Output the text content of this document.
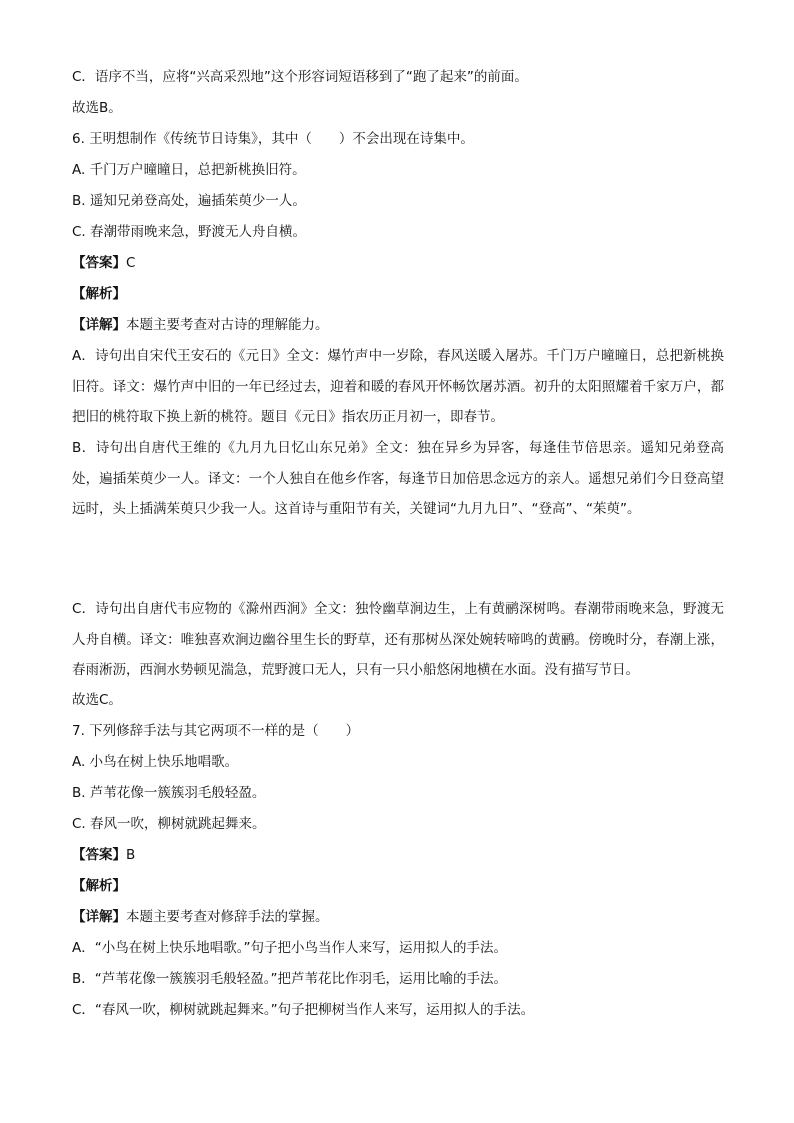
C．语序不当，应将“兴高采烈地”这个形容词短语移到了“跑了起来”的前面。
故选B。
6. 王明想制作《传统节日诗集》，其中（　　）不会出现在诗集中。
A. 千门万户曈曈日，总把新桃换旧符。
B. 遥知兄弟登高处，遍插茱萸少一人。
C. 春潮带雨晚来急，野渡无人舟自横。
【答案】C
【解析】
【详解】本题主要考查对古诗的理解能力。
A．诗句出自宋代王安石的《元日》全文：爆竹声中一岁除，春风送暖入屠苏。千门万户曈曈日，总把新桃换旧符。译文：爆竹声中旧的一年已经过去，迎着和暖的春风开怀畅饮屠苏酒。初升的太阳照耀着千家万户，都把旧的桃符取下换上新的桃符。题目《元日》指农历正月初一，即春节。
B．诗句出自唐代王维的《九月九日忆山东兄弟》全文：独在异乡为异客，每逢佳节倍思亲。遥知兄弟登高处，遍插茱萸少一人。译文：一个人独自在他乡作客，每逢节日加倍思念远方的亲人。遥想兄弟们今日登高望远时，头上插满茱萸只少我一人。这首诗与重阳节有关，关键词“九月九日”、“登高”、“茱萸”。
C．诗句出自唐代韦应物的《滁州西涧》全文：独怜幽草涧边生，上有黄鹂深树鸣。春潮带雨晚来急，野渡无人舟自横。译文：唯独喜欢涧边幽谷里生长的野草，还有那树丛深处婉转啼鸣的黄鹂。傍晚时分，春潮上涨，春雨淅沥，西涧水势顿见湍急，荒野渡口无人，只有一只小船悠闲地横在水面。没有描写节日。
故选C。
7. 下列修辞手法与其它两项不一样的是（　　）
A. 小鸟在树上快乐地唱歌。
B. 芦苇花像一簇簇羽毛般轻盈。
C. 春风一吹，柳树就跳起舞来。
【答案】B
【解析】
【详解】本题主要考查对修辞手法的掌握。
A．“小鸟在树上快乐地唱歌。”句子把小鸟当作人来写，运用拟人的手法。
B．“芦苇花像一簇簇羽毛般轻盈。”把芦苇花比作羽毛，运用比喻的手法。
C．“春风一吹，柳树就跳起舞来。”句子把柳树当作人来写，运用拟人的手法。
